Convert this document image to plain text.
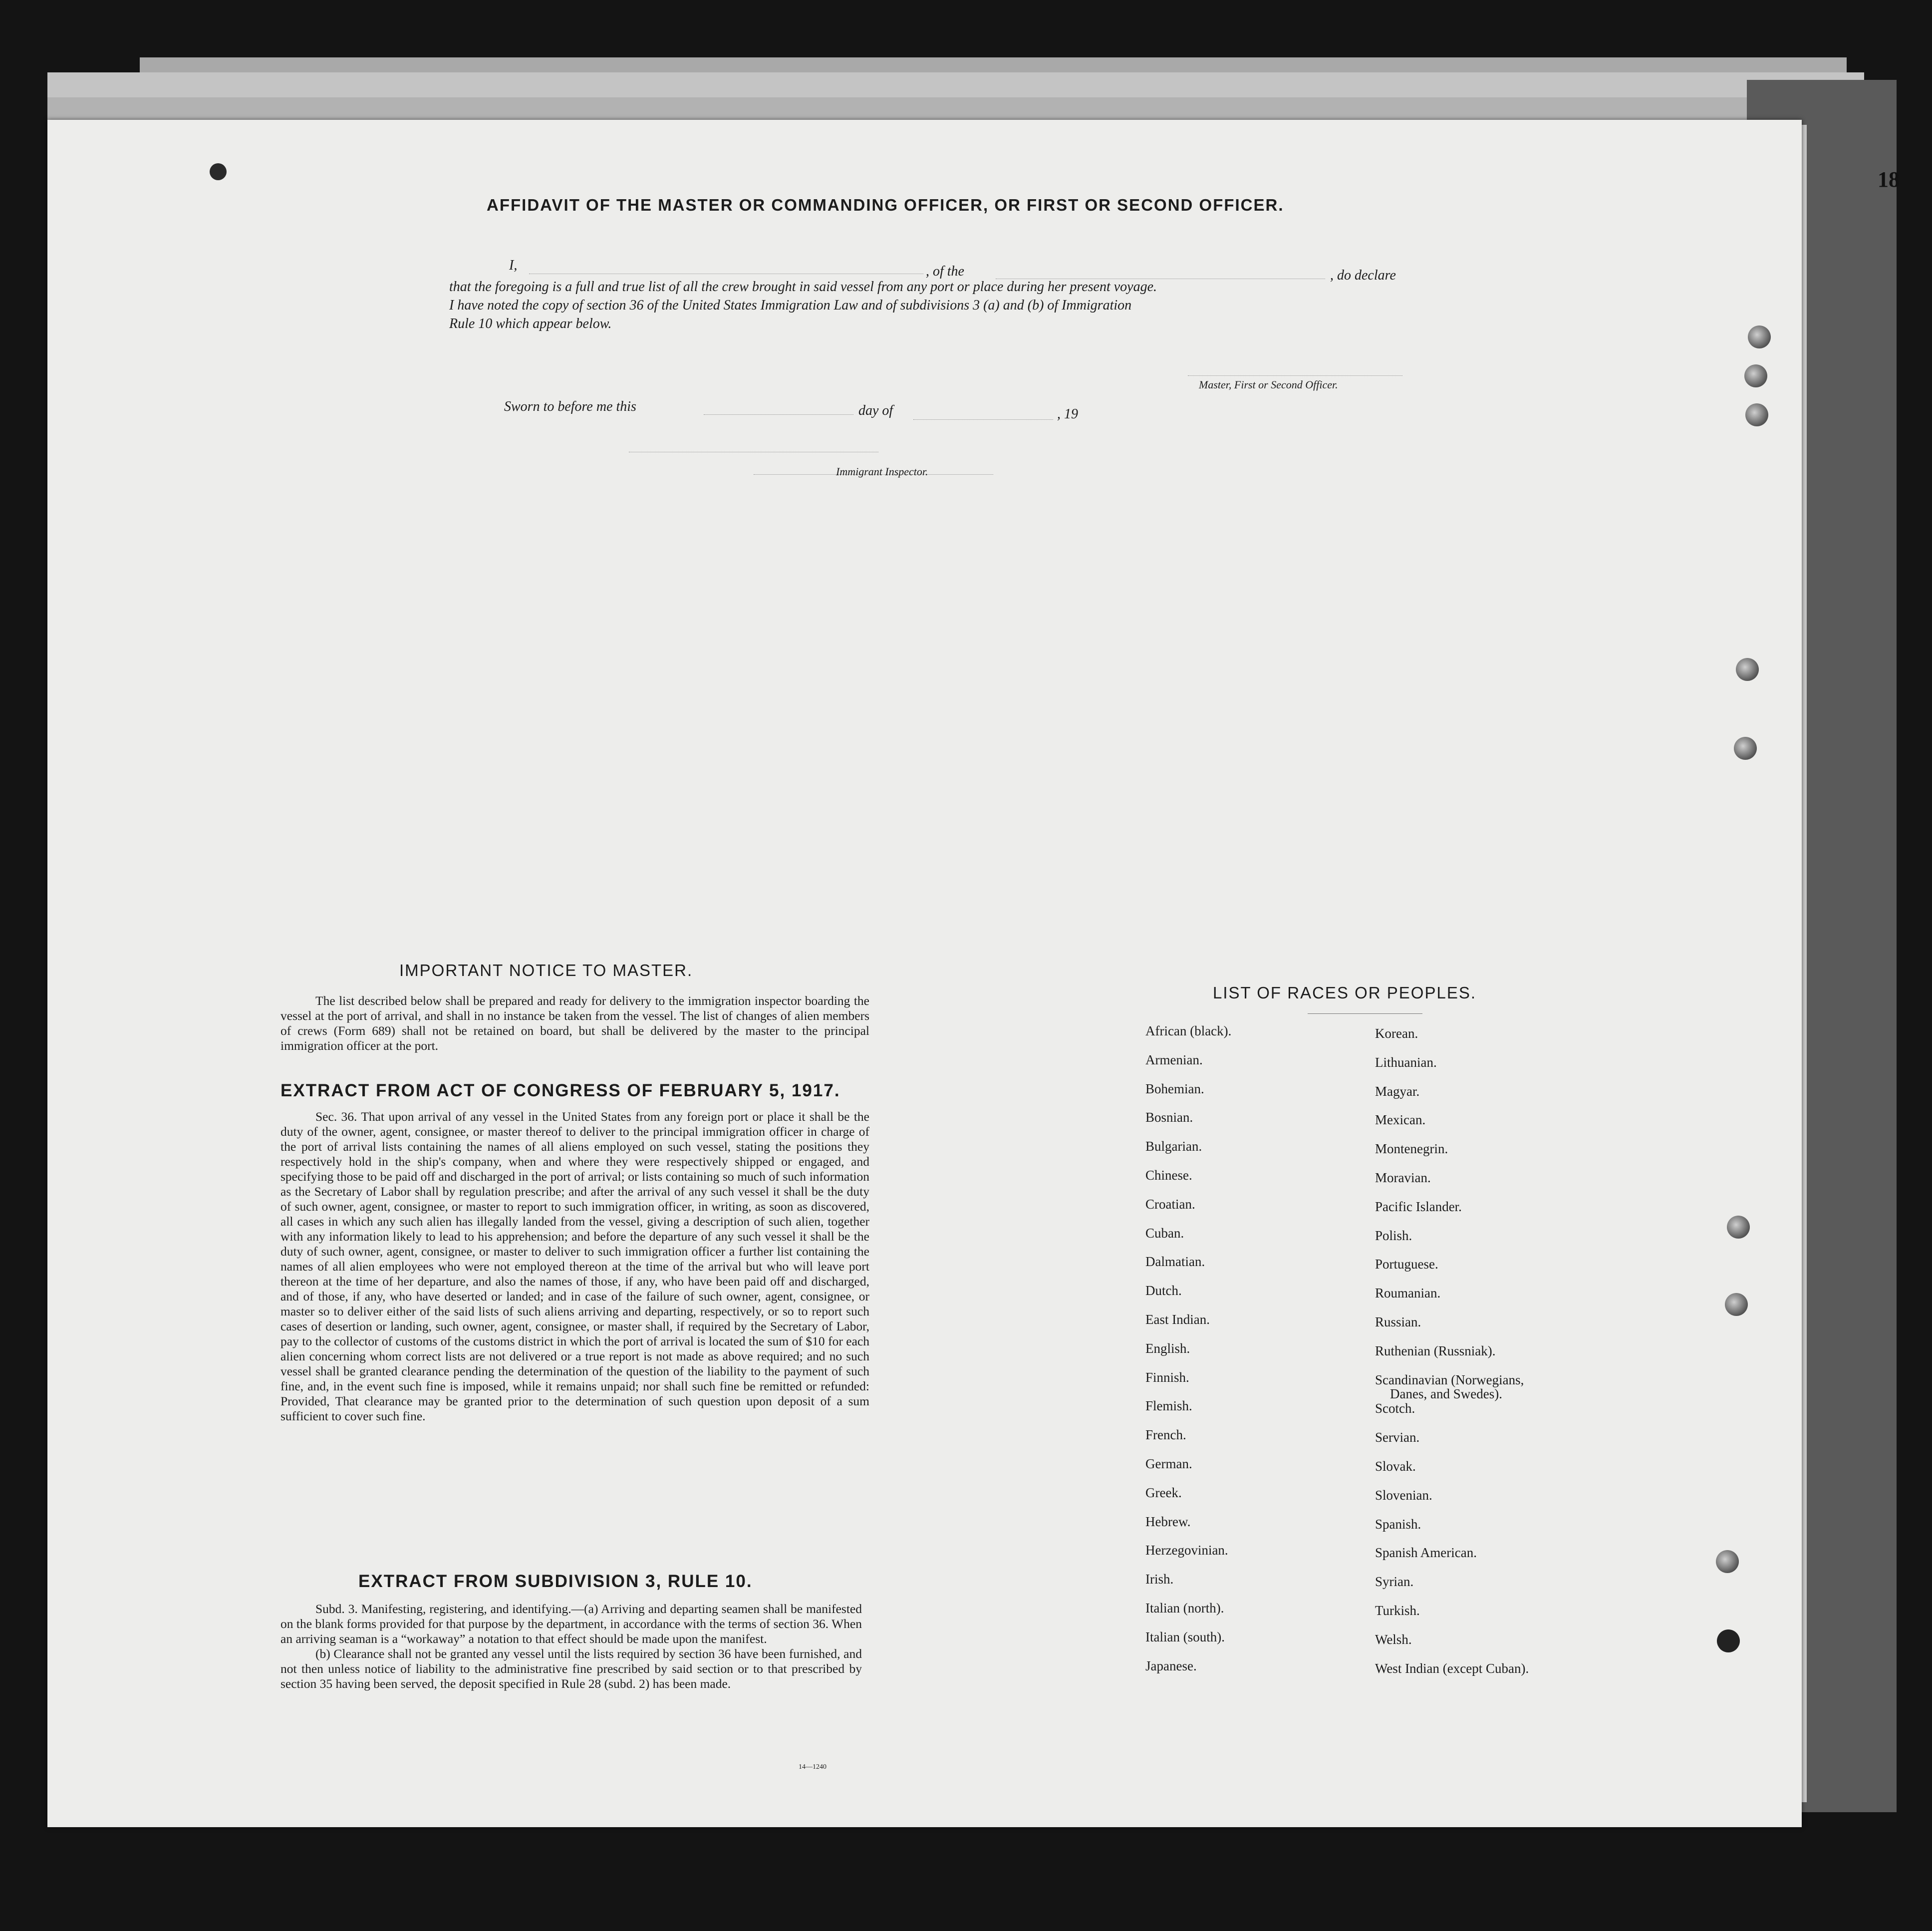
18
AFFIDAVIT OF THE MASTER OR COMMANDING OFFICER, OR FIRST OR SECOND OFFICER.
I,	, of the	, do declare
that the foregoing is a full and true list of all the crew brought in said vessel from any port or place during her present voyage.
I have noted the copy of section 36 of the United States Immigration Law and of subdivisions 3 (a) and (b) of Immigration
Rule 10 which appear below.
Master, First or Second Officer.
Sworn to before me this	day of	, 19
Immigrant Inspector.
IMPORTANT NOTICE TO MASTER.

The list described below shall be prepared and ready for delivery to the immigration inspector boarding the vessel at the port of arrival, and shall in no instance be taken from the vessel. The list of changes of alien members of crews (Form 689) shall not be retained on board, but shall be delivered by the master to the principal immigration officer at the port.

EXTRACT FROM ACT OF CONGRESS OF FEBRUARY 5, 1917.

Sec. 36. That upon arrival of any vessel in the United States from any foreign port or place it shall be the duty of the owner, agent, consignee, or master thereof to deliver to the principal immigration officer in charge of the port of arrival lists containing the names of all aliens employed on such vessel, stating the positions they respectively hold in the ship's company, when and where they were respectively shipped or engaged, and specifying those to be paid off and discharged in the port of arrival; or lists containing so much of such information as the Secretary of Labor shall by regulation prescribe; and after the arrival of any such vessel it shall be the duty of such owner, agent, consignee, or master to report to such immigration officer, in writing, as soon as discovered, all cases in which any such alien has illegally landed from the vessel, giving a description of such alien, together with any information likely to lead to his apprehension; and before the departure of any such vessel it shall be the duty of such owner, agent, consignee, or master to deliver to such immigration officer a further list containing the names of all alien employees who were not employed thereon at the time of the arrival but who will leave port thereon at the time of her departure, and also the names of those, if any, who have been paid off and discharged, and of those, if any, who have deserted or landed; and in case of the failure of such owner, agent, consignee, or master so to deliver either of the said lists of such aliens arriving and departing, respectively, or so to report such cases of desertion or landing, such owner, agent, consignee, or master shall, if required by the Secretary of Labor, pay to the collector of customs of the customs district in which the port of arrival is located the sum of $10 for each alien concerning whom correct lists are not delivered or a true report is not made as above required; and no such vessel shall be granted clearance pending the determination of the question of the liability to the payment of such fine, and, in the event such fine is imposed, while it remains unpaid; nor shall such fine be remitted or refunded: Provided, That clearance may be granted prior to the determination of such question upon deposit of a sum sufficient to cover such fine.

EXTRACT FROM SUBDIVISION 3, RULE 10.

Subd. 3. Manifesting, registering, and identifying.—(a) Arriving and departing seamen shall be manifested on the blank forms provided for that purpose by the department, in accordance with the terms of section 36. When an arriving seaman is a “workaway” a notation to that effect should be made upon the manifest.

(b) Clearance shall not be granted any vessel until the lists required by section 36 have been furnished, and not then unless notice of liability to the administrative fine prescribed by said section or to that prescribed by section 35 having been served, the deposit specified in Rule 28 (subd. 2) has been made.

14—1240
LIST OF RACES OR PEOPLES.
African (black).
Armenian.
Bohemian.
Bosnian.
Bulgarian.
Chinese.
Croatian.
Cuban.
Dalmatian.
Dutch.
East Indian.
English.
Finnish.
Flemish.
French.
German.
Greek.
Hebrew.
Herzegovinian.
Irish.
Italian (north).
Italian (south).
Japanese.
Korean.
Lithuanian.
Magyar.
Mexican.
Montenegrin.
Moravian.
Pacific Islander.
Polish.
Portuguese.
Roumanian.
Russian.
Ruthenian (Russniak).
Scandinavian (Norwegians,
Danes, and Swedes).
Scotch.
Servian.
Slovak.
Slovenian.
Spanish.
Spanish American.
Syrian.
Turkish.
Welsh.
West Indian (except Cuban).
